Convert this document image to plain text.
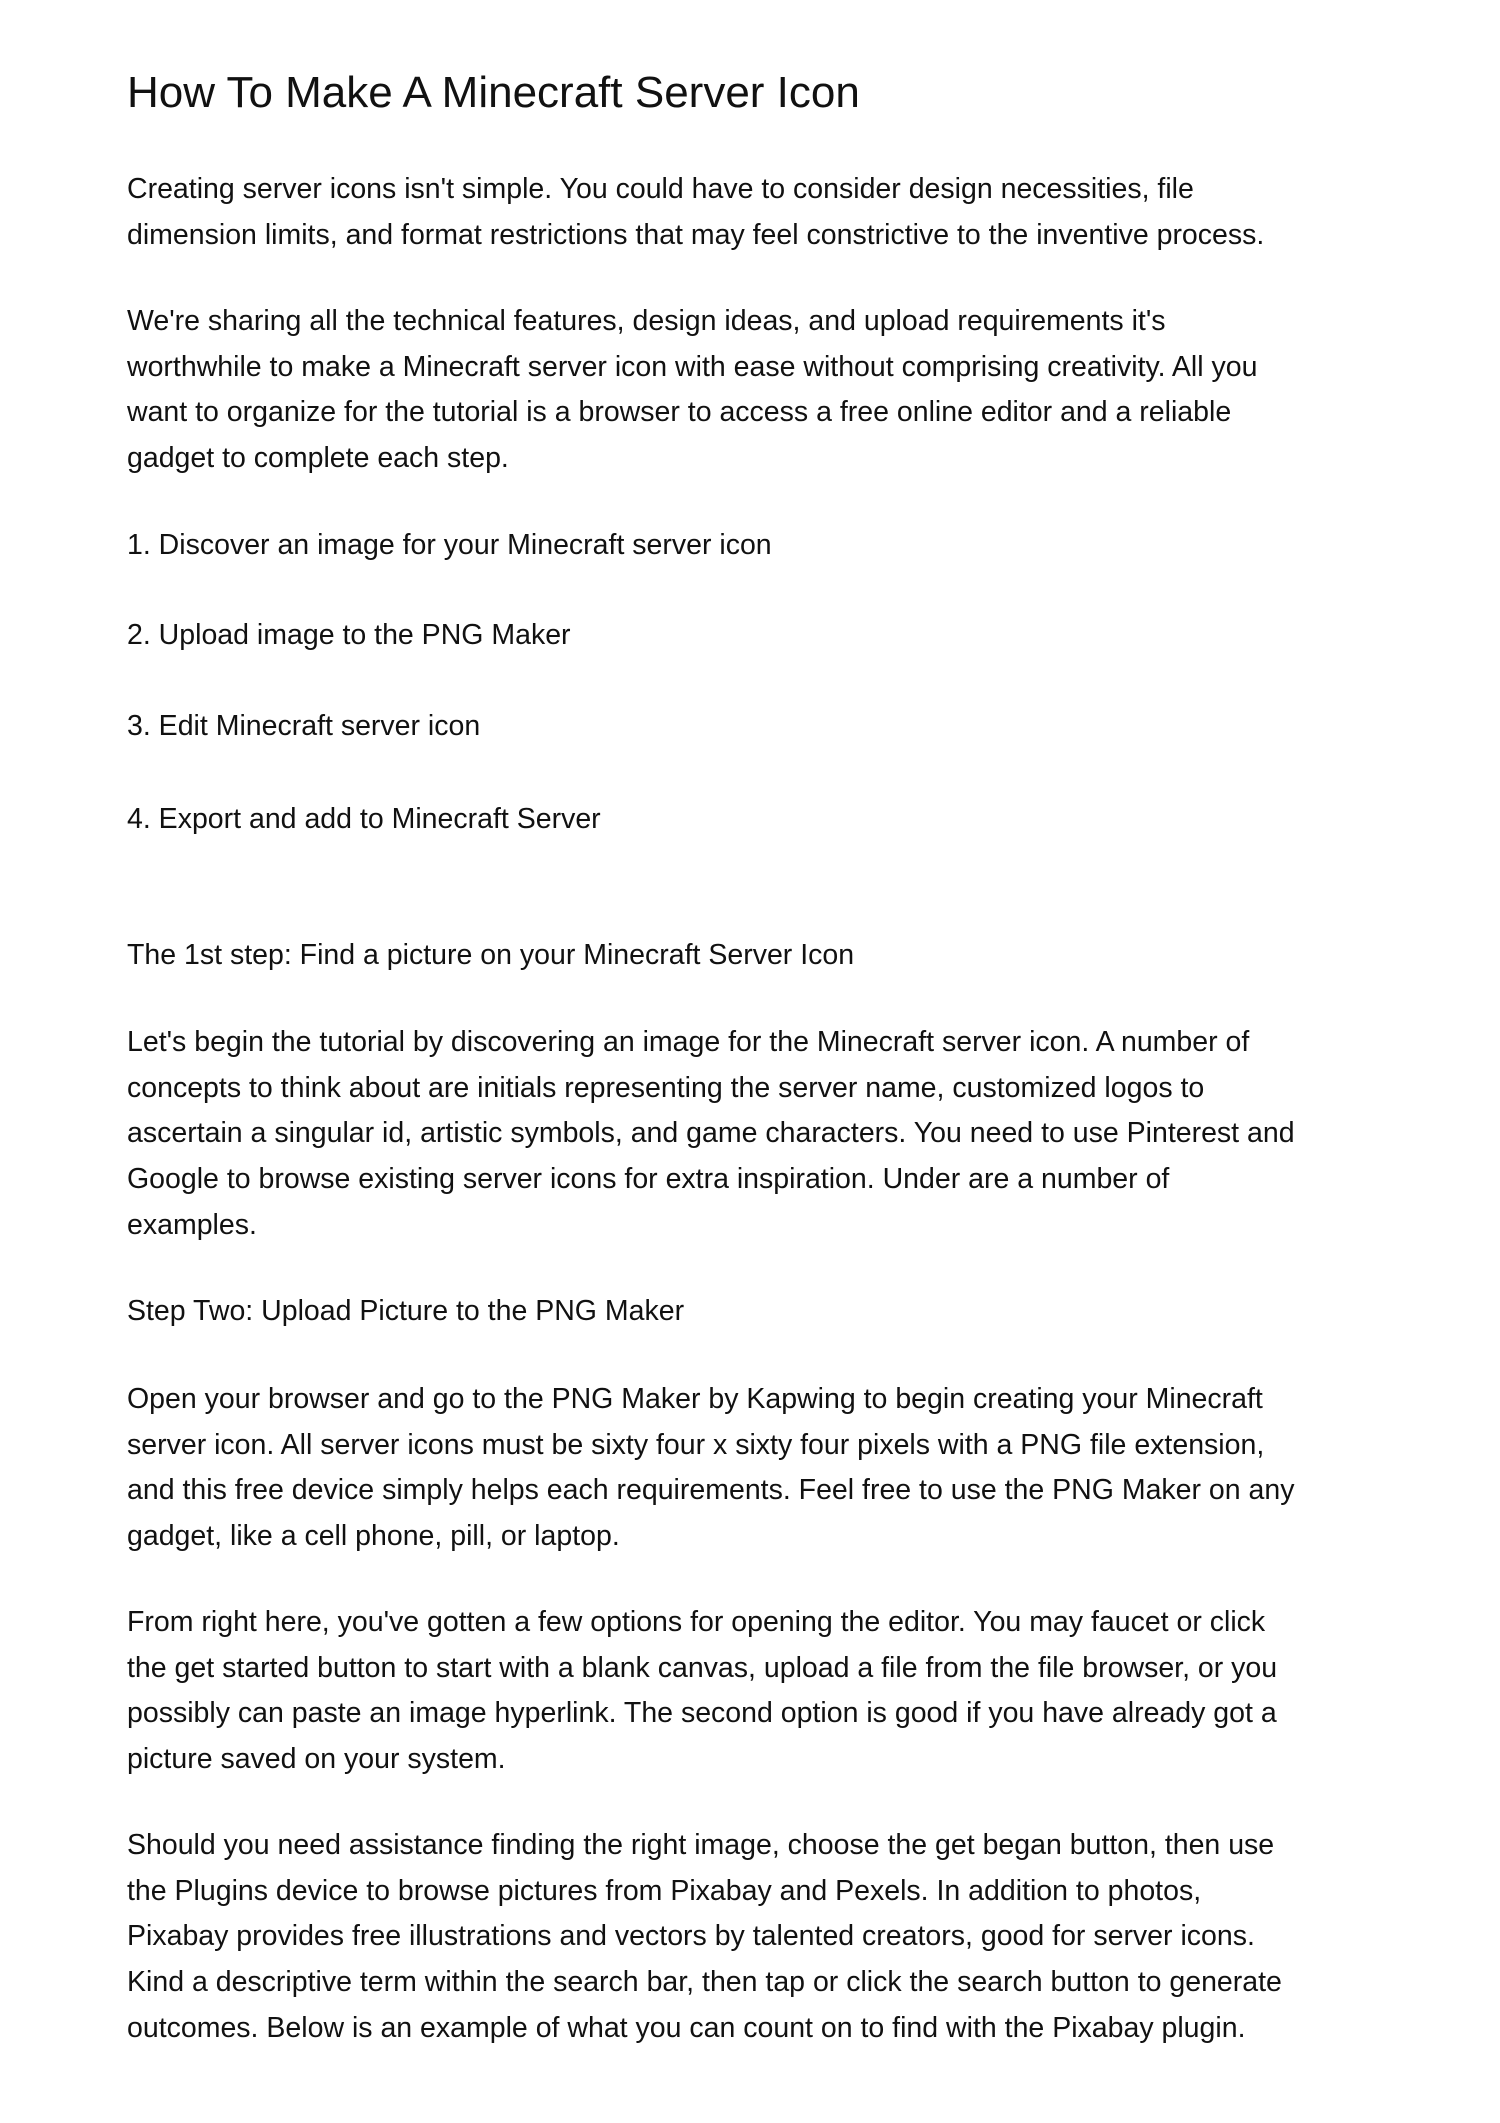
How To Make A Minecraft Server Icon

Creating server icons isn't simple. You could have to consider design necessities, file
dimension limits, and format restrictions that may feel constrictive to the inventive process.

We're sharing all the technical features, design ideas, and upload requirements it's
worthwhile to make a Minecraft server icon with ease without comprising creativity. All you
want to organize for the tutorial is a browser to access a free online editor and a reliable
gadget to complete each step.

1. Discover an image for your Minecraft server icon

2. Upload image to the PNG Maker

3. Edit Minecraft server icon

4. Export and add to Minecraft Server

The 1st step: Find a picture on your Minecraft Server Icon

Let's begin the tutorial by discovering an image for the Minecraft server icon. A number of
concepts to think about are initials representing the server name, customized logos to
ascertain a singular id, artistic symbols, and game characters. You need to use Pinterest and
Google to browse existing server icons for extra inspiration. Under are a number of
examples.

Step Two: Upload Picture to the PNG Maker

Open your browser and go to the PNG Maker by Kapwing to begin creating your Minecraft
server icon. All server icons must be sixty four x sixty four pixels with a PNG file extension,
and this free device simply helps each requirements. Feel free to use the PNG Maker on any
gadget, like a cell phone, pill, or laptop.

From right here, you've gotten a few options for opening the editor. You may faucet or click
the get started button to start with a blank canvas, upload a file from the file browser, or you
possibly can paste an image hyperlink. The second option is good if you have already got a
picture saved on your system.

Should you need assistance finding the right image, choose the get began button, then use
the Plugins device to browse pictures from Pixabay and Pexels. In addition to photos,
Pixabay provides free illustrations and vectors by talented creators, good for server icons.
Kind a descriptive term within the search bar, then tap or click the search button to generate
outcomes. Below is an example of what you can count on to find with the Pixabay plugin.
